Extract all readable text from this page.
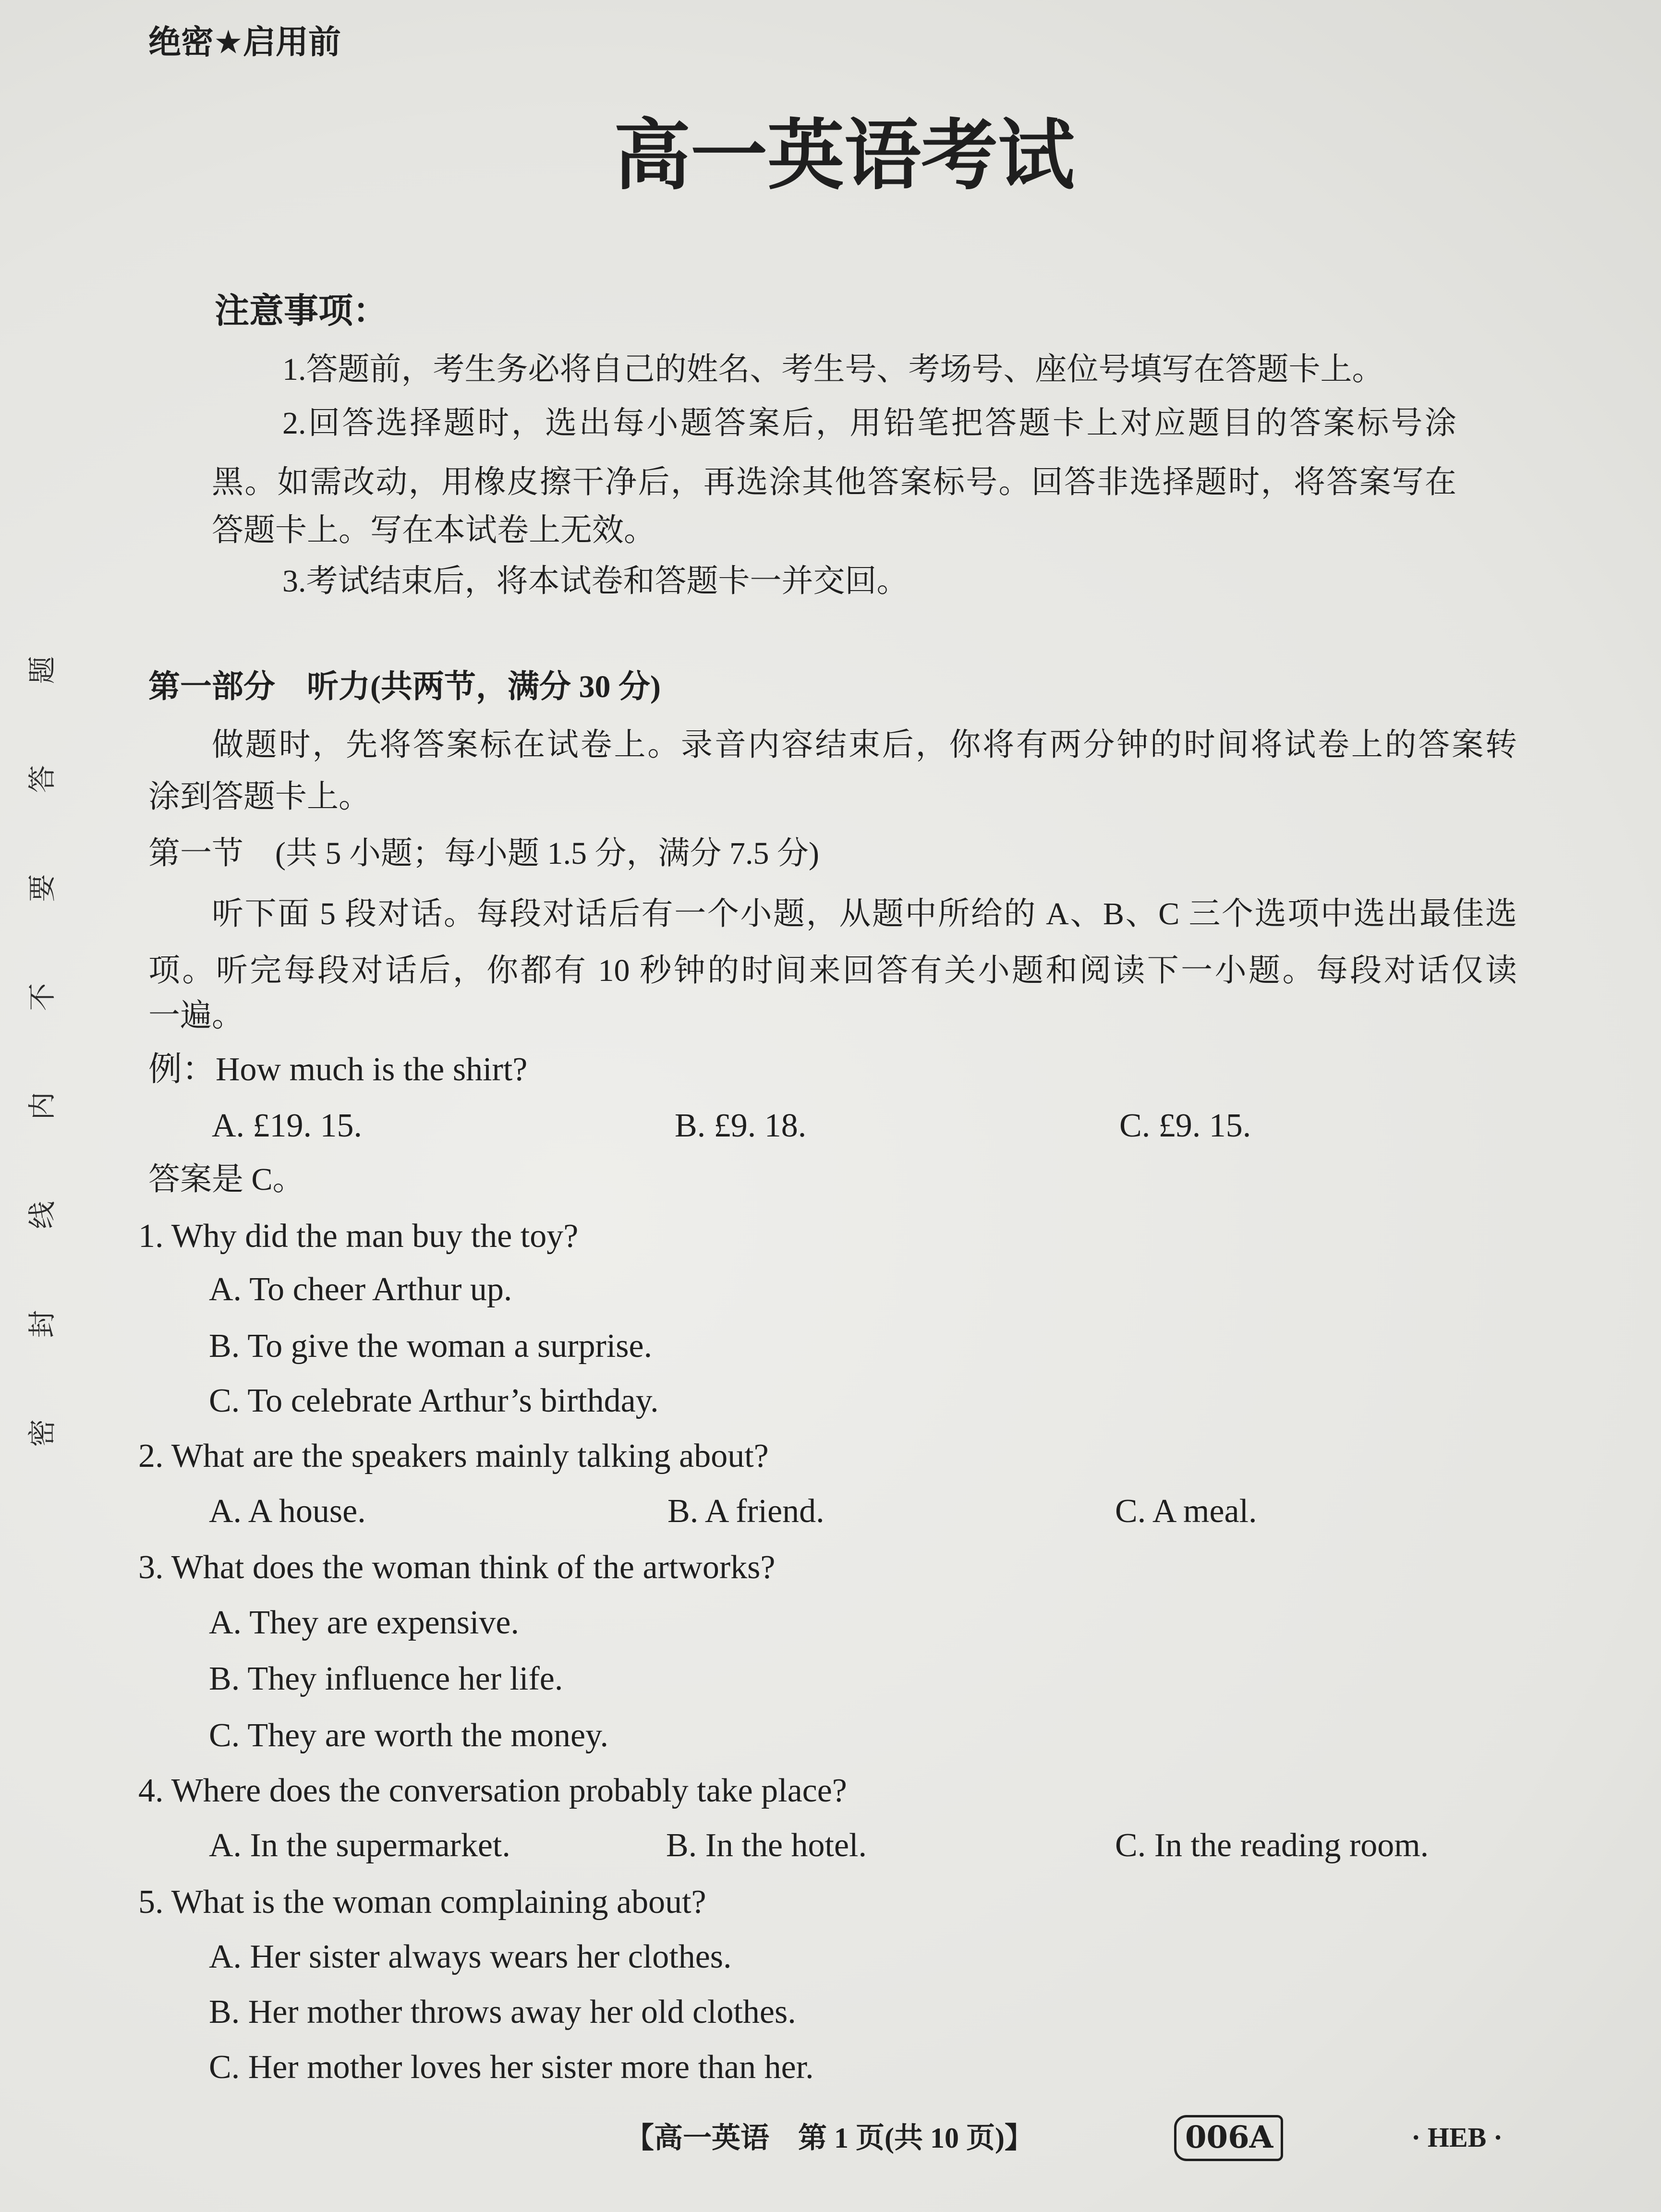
密封线内不要答题
绝密★启用前
高一英语考试
注意事项：
1.答题前，考生务必将自己的姓名、考生号、考场号、座位号填写在答题卡上。
2.回答选择题时，选出每小题答案后，用铅笔把答题卡上对应题目的答案标号涂
黑。如需改动，用橡皮擦干净后，再选涂其他答案标号。回答非选择题时，将答案写在
答题卡上。写在本试卷上无效。
3.考试结束后，将本试卷和答题卡一并交回。
第一部分　听力(共两节，满分 30 分)
做题时，先将答案标在试卷上。录音内容结束后，你将有两分钟的时间将试卷上的答案转
涂到答题卡上。
第一节　(共 5 小题；每小题 1.5 分，满分 7.5 分)
听下面 5 段对话。每段对话后有一个小题，从题中所给的 A、B、C 三个选项中选出最佳选
项。听完每段对话后，你都有 10 秒钟的时间来回答有关小题和阅读下一小题。每段对话仅读
一遍。
例：How much is the shirt?
A. £19. 15.	B. £9. 18.	C. £9. 15.
答案是 C。
1. Why did the man buy the toy?
A. To cheer Arthur up.
B. To give the woman a surprise.
C. To celebrate Arthur’s birthday.
2. What are the speakers mainly talking about?
A. A house.	B. A friend.	C. A meal.
3. What does the woman think of the artworks?
A. They are expensive.
B. They influence her life.
C. They are worth the money.
4. Where does the conversation probably take place?
A. In the supermarket.	B. In the hotel.	C. In the reading room.
5. What is the woman complaining about?
A. Her sister always wears her clothes.
B. Her mother throws away her old clothes.
C. Her mother loves her sister more than her.
【高一英语　第 1 页(共 10 页)】	006A	· HEB ·
